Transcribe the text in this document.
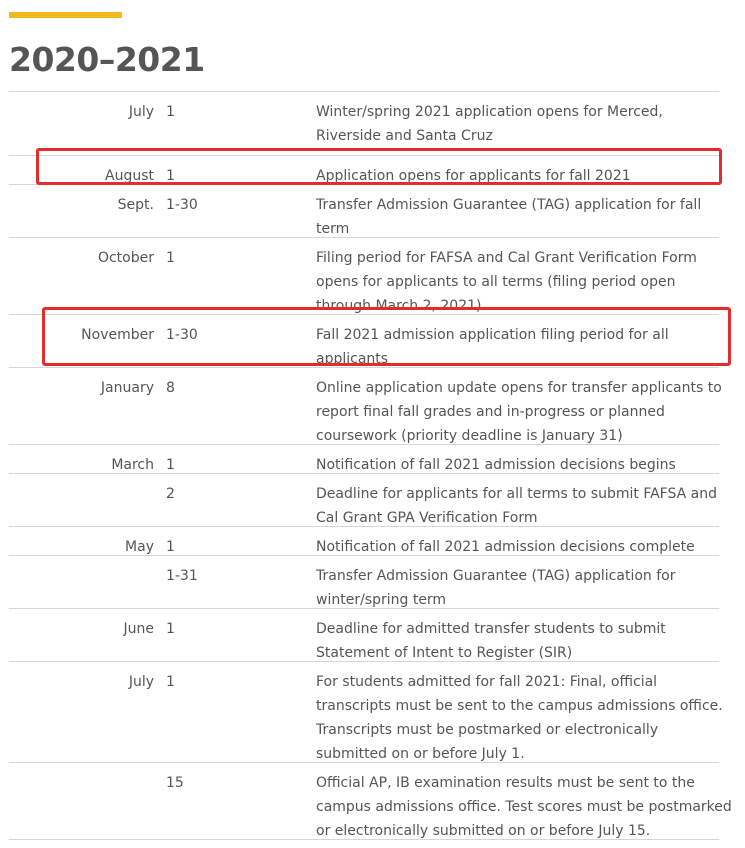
2020–2021
July 1	Winter/spring 2021 application opens for Merced,
Riverside and Santa Cruz
August 1	Application opens for applicants for fall 2021
Sept. 1-30	Transfer Admission Guarantee (TAG) application for fall
term
October 1	Filing period for FAFSA and Cal Grant Verification Form
opens for applicants to all terms (filing period open
through March 2, 2021)
November 1-30	Fall 2021 admission application filing period for all
applicants
January 8	Online application update opens for transfer applicants to
report final fall grades and in-progress or planned
coursework (priority deadline is January 31)
March 1	Notification of fall 2021 admission decisions begins
2	Deadline for applicants for all terms to submit FAFSA and
Cal Grant GPA Verification Form
May 1	Notification of fall 2021 admission decisions complete
1-31	Transfer Admission Guarantee (TAG) application for
winter/spring term
June 1	Deadline for admitted transfer students to submit
Statement of Intent to Register (SIR)
July 1	For students admitted for fall 2021: Final, official
transcripts must be sent to the campus admissions office.
Transcripts must be postmarked or electronically
submitted on or before July 1.
15	Official AP, IB examination results must be sent to the
campus admissions office. Test scores must be postmarked
or electronically submitted on or before July 15.
